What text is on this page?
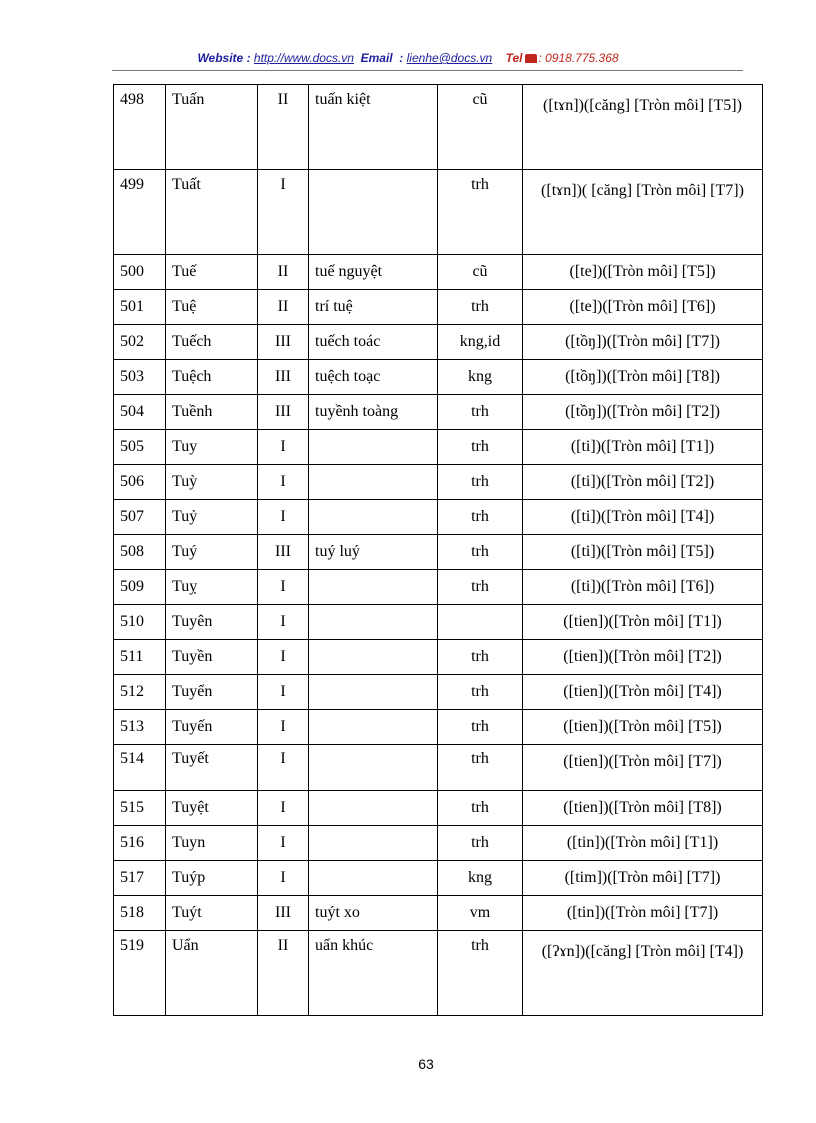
Website : http://www.docs.vn Email  : lienhe@docs.vn Tel : 0918.775.368
498	Tuấn	II	tuấn kiệt	cũ	([tɤn])([căng] [Tròn môi] [T5])
499	Tuất	I		trh	([tɤn])( [căng] [Tròn môi] [T7])
500	Tuế	II	tuế nguyệt	cũ	([te])([Tròn môi] [T5])
501	Tuệ	II	trí tuệ	trh	([te])([Tròn môi] [T6])
502	Tuếch	III	tuếch toác	kng,id	([tồŋ])([Tròn môi] [T7])
503	Tuệch	III	tuệch toạc	kng	([tồŋ])([Tròn môi] [T8])
504	Tuềnh	III	tuyềnh toàng	trh	([tồŋ])([Tròn môi] [T2])
505	Tuy	I		trh	([ti])([Tròn môi] [T1])
506	Tuỳ	I		trh	([ti])([Tròn môi] [T2])
507	Tuỷ	I		trh	([ti])([Tròn môi] [T4])
508	Tuý	III	tuý luý	trh	([ti])([Tròn môi] [T5])
509	Tuỵ	I		trh	([ti])([Tròn môi] [T6])
510	Tuyên	I			([tien])([Tròn môi] [T1])
511	Tuyền	I		trh	([tien])([Tròn môi] [T2])
512	Tuyển	I		trh	([tien])([Tròn môi] [T4])
513	Tuyến	I		trh	([tien])([Tròn môi] [T5])
514	Tuyết	I		trh	([tien])([Tròn môi] [T7])
515	Tuyệt	I		trh	([tien])([Tròn môi] [T8])
516	Tuyn	I		trh	([tin])([Tròn môi] [T1])
517	Tuýp	I		kng	([tim])([Tròn môi] [T7])
518	Tuýt	III	tuýt xo	vm	([tin])([Tròn môi] [T7])
519	Uẩn	II	uẩn khúc	trh	([ʔɤn])([căng] [Tròn môi] [T4])
63
